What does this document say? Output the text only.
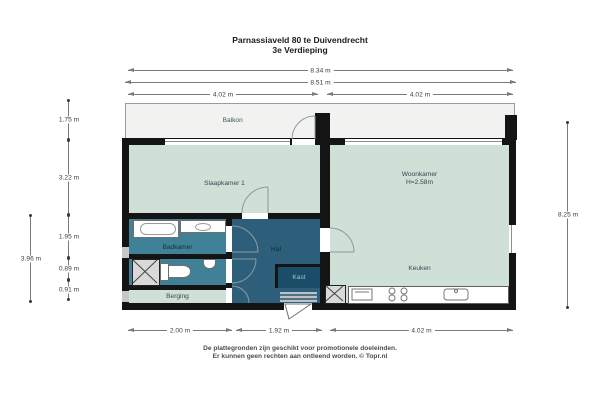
Parnassiaveld 80 te Duivendrecht
3e Verdieping
8.34 m
8.51 m
4.02 m	4.02 m
1.75 m
3.22 m
1.95 m
0.89 m
0.91 m
3.96 m
8.25 m
2.00 m	1.92 m	4.02 m
Balkon
Slaapkamer 1
Woonkamer
H=2.58m
Keuken
Badkamer
Berging
Hal
Kast
De plattegronden zijn geschikt voor promotionele doeleinden.
Er kunnen geen rechten aan ontleend worden. © Topr.nl
